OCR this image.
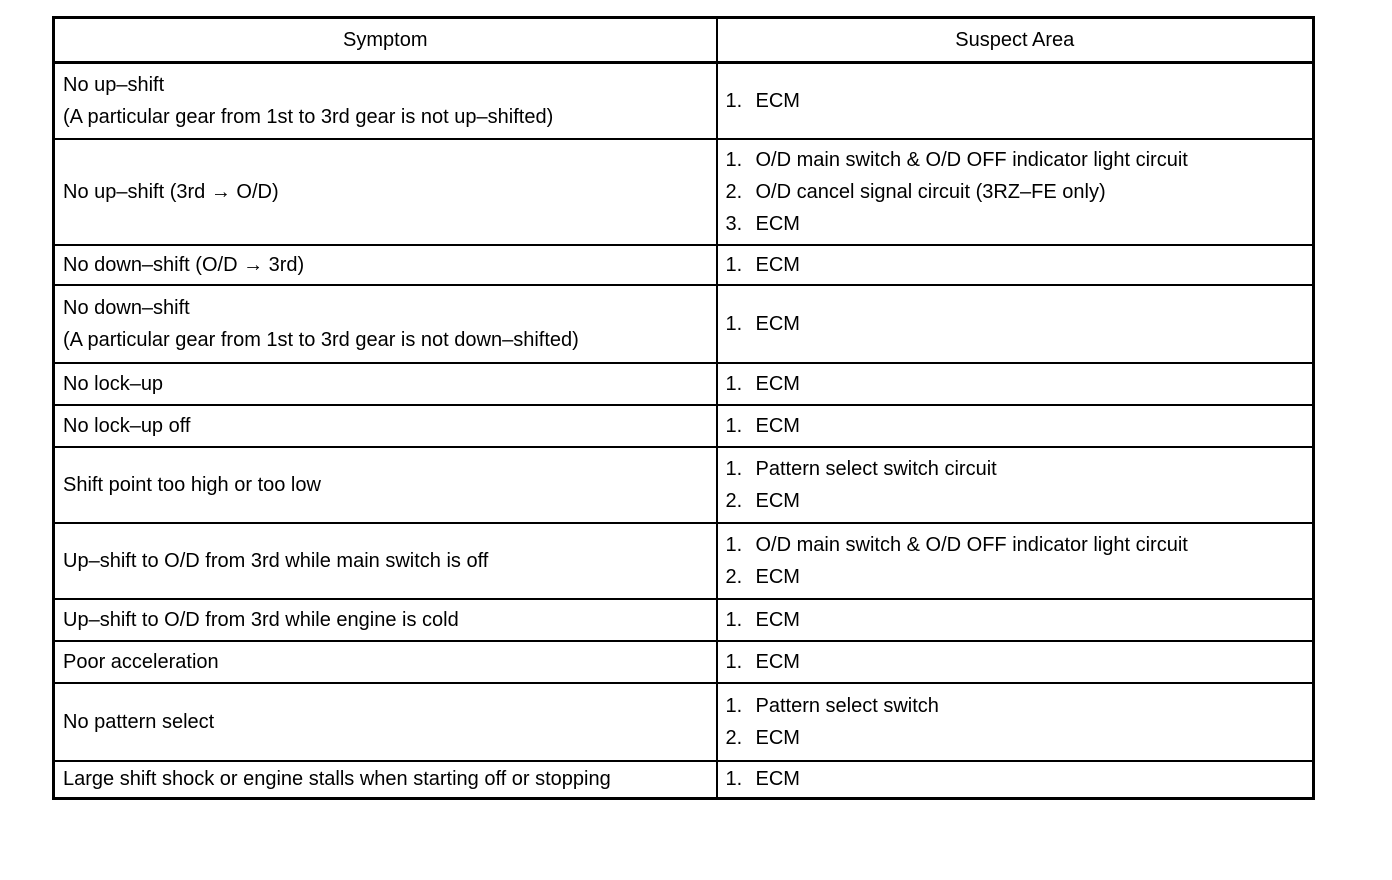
Symptom	Suspect Area

No up–shift
(A particular gear from 1st to 3rd gear is not up–shifted)	1. ECM

No up–shift (3rd → O/D)	1. O/D main switch & O/D OFF indicator light circuit
2. O/D cancel signal circuit (3RZ–FE only)
3. ECM

No down–shift (O/D → 3rd)	1. ECM

No down–shift
(A particular gear from 1st to 3rd gear is not down–shifted)	1. ECM

No lock–up	1. ECM

No lock–up off	1. ECM

Shift point too high or too low	1. Pattern select switch circuit
2. ECM

Up–shift to O/D from 3rd while main switch is off	1. O/D main switch & O/D OFF indicator light circuit
2. ECM

Up–shift to O/D from 3rd while engine is cold	1. ECM

Poor acceleration	1. ECM

No pattern select	1. Pattern select switch
2. ECM

Large shift shock or engine stalls when starting off or stopping	1. ECM
